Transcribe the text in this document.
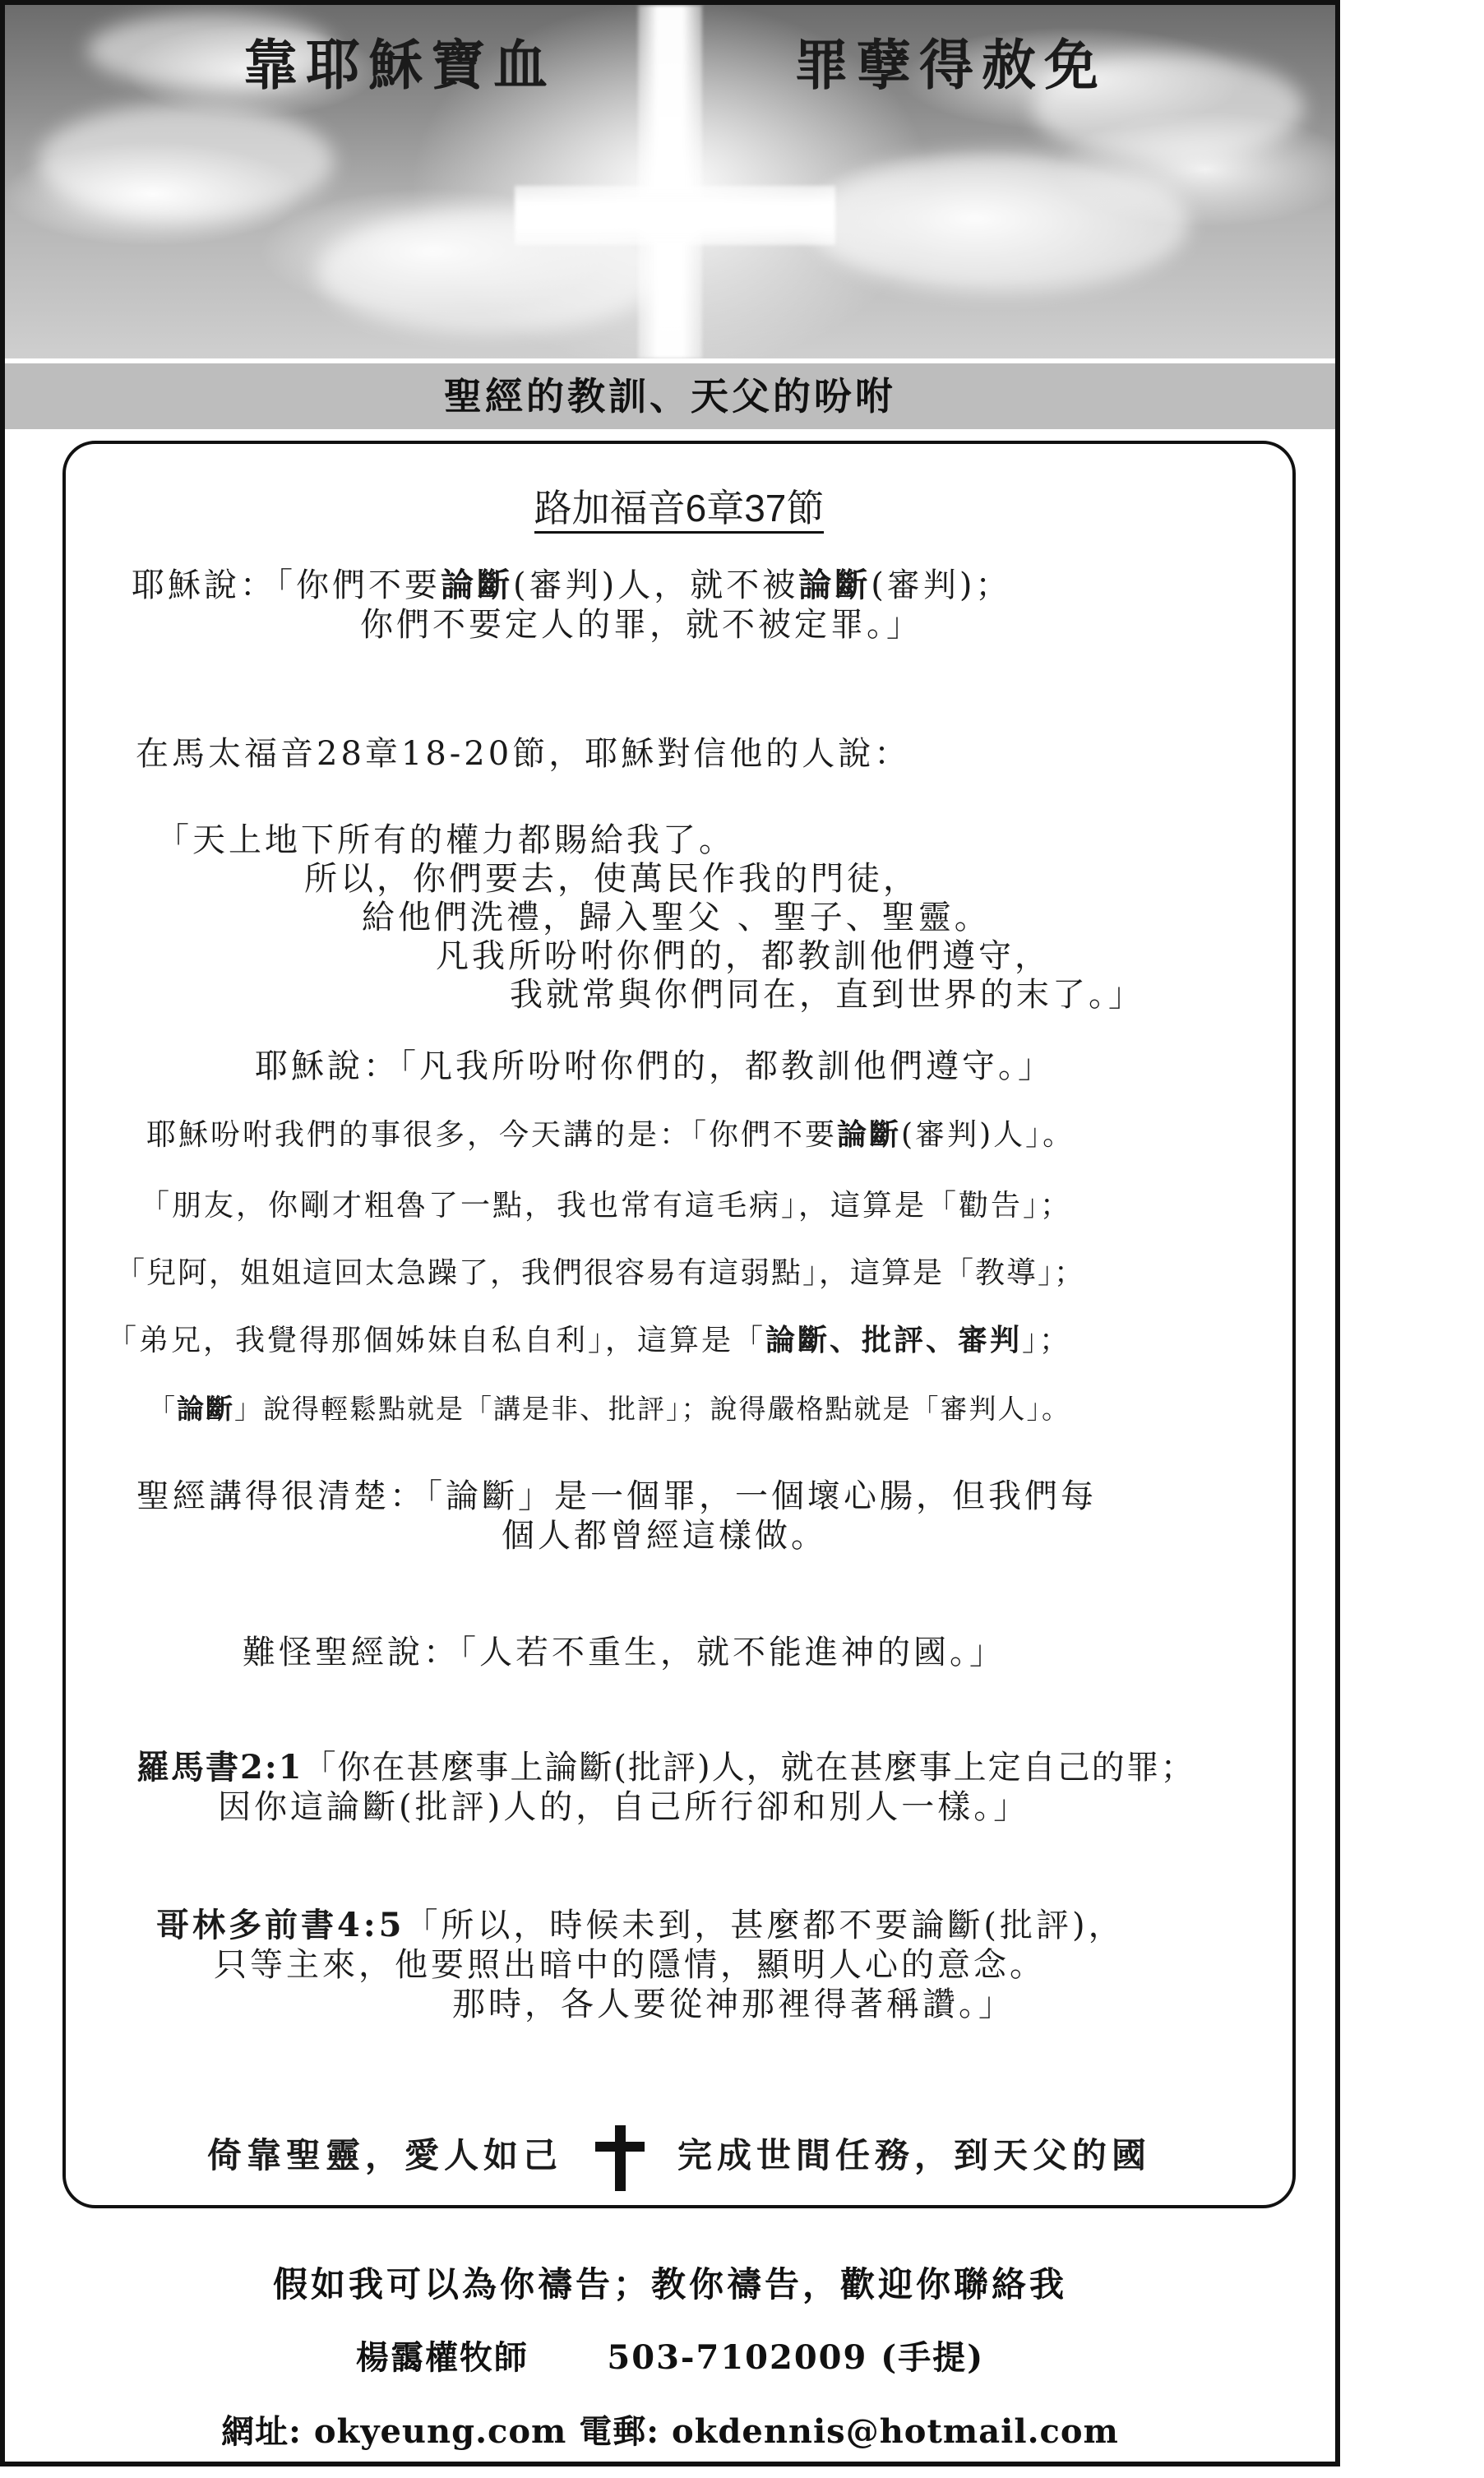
靠耶穌寶血	罪孽得赦免
聖經的教訓、天父的吩咐
路加福音6章37節
耶穌說：「你們不要論斷(審判)人，就不被論斷(審判)；
你們不要定人的罪，就不被定罪。」
在馬太福音28章18-20節，耶穌對信他的人說：
「天上地下所有的權力都賜給我了。
所以，你們要去，使萬民作我的門徒，
給他們洗禮，歸入聖父 、聖子、聖靈。
凡我所吩咐你們的，都教訓他們遵守，
我就常與你們同在，直到世界的末了。」
耶穌說：「凡我所吩咐你們的，都教訓他們遵守。」
耶穌吩咐我們的事很多，今天講的是：「你們不要論斷(審判)人」。
「朋友，你剛才粗魯了一點，我也常有這毛病」，這算是「勸告」；
「兒阿，姐姐這回太急躁了，我們很容易有這弱點」，這算是「教導」；
「弟兄，我覺得那個姊妹自私自利」，這算是「論斷、批評、審判」；
「論斷」說得輕鬆點就是「講是非、批評」；說得嚴格點就是「審判人」。
聖經講得很清楚：「論斷」是一個罪，一個壞心腸，但我們每
個人都曾經這樣做。
難怪聖經說：「人若不重生，就不能進神的國。」
羅馬書2:1「你在甚麼事上論斷(批評)人，就在甚麼事上定自己的罪；
因你這論斷(批評)人的，自己所行卻和別人一樣。」
哥林多前書4:5「所以，時候未到，甚麼都不要論斷(批評)，
只等主來，他要照出暗中的隱情，顯明人心的意念。
那時，各人要從神那裡得著稱讚。」
倚靠聖靈，愛人如己	完成世間任務，到天父的國
假如我可以為你禱告；教你禱告，歡迎你聯絡我
楊靄權牧師 503-7102009 (手提)
網址: okyeung.com 電郵: okdennis@hotmail.com
